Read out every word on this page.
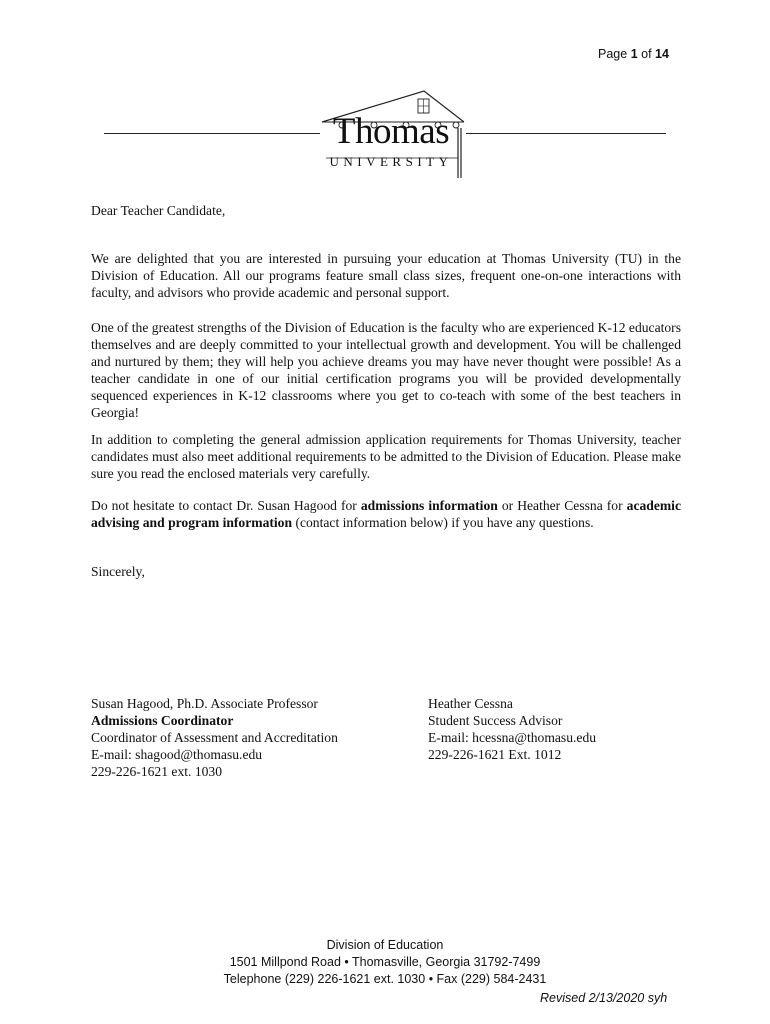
Page 1 of 14
Thomas
UNIVERSITY
Dear Teacher Candidate,
We are delighted that you are interested in pursuing your education at Thomas University (TU) in the Division of Education. All our programs feature small class sizes, frequent one-on-one interactions with faculty, and advisors who provide academic and personal support.
One of the greatest strengths of the Division of Education is the faculty who are experienced K-12 educators themselves and are deeply committed to your intellectual growth and development. You will be challenged and nurtured by them; they will help you achieve dreams you may have never thought were possible! As a teacher candidate in one of our initial certification programs you will be provided developmentally sequenced experiences in K-12 classrooms where you get to co-teach with some of the best teachers in Georgia!
In addition to completing the general admission application requirements for Thomas University, teacher candidates must also meet additional requirements to be admitted to the Division of Education. Please make sure you read the enclosed materials very carefully.
Do not hesitate to contact Dr. Susan Hagood for admissions information or Heather Cessna for academic advising and program information (contact information below) if you have any questions.
Sincerely,
Susan Hagood, Ph.D. Associate Professor
Admissions Coordinator
Coordinator of Assessment and Accreditation
E-mail: shagood@thomasu.edu
229-226-1621 ext. 1030
Heather Cessna
Student Success Advisor
E-mail: hcessna@thomasu.edu
229-226-1621 Ext. 1012
Division of Education
1501 Millpond Road • Thomasville, Georgia 31792-7499
Telephone (229) 226-1621 ext. 1030 • Fax (229) 584-2431
Revised 2/13/2020 syh
